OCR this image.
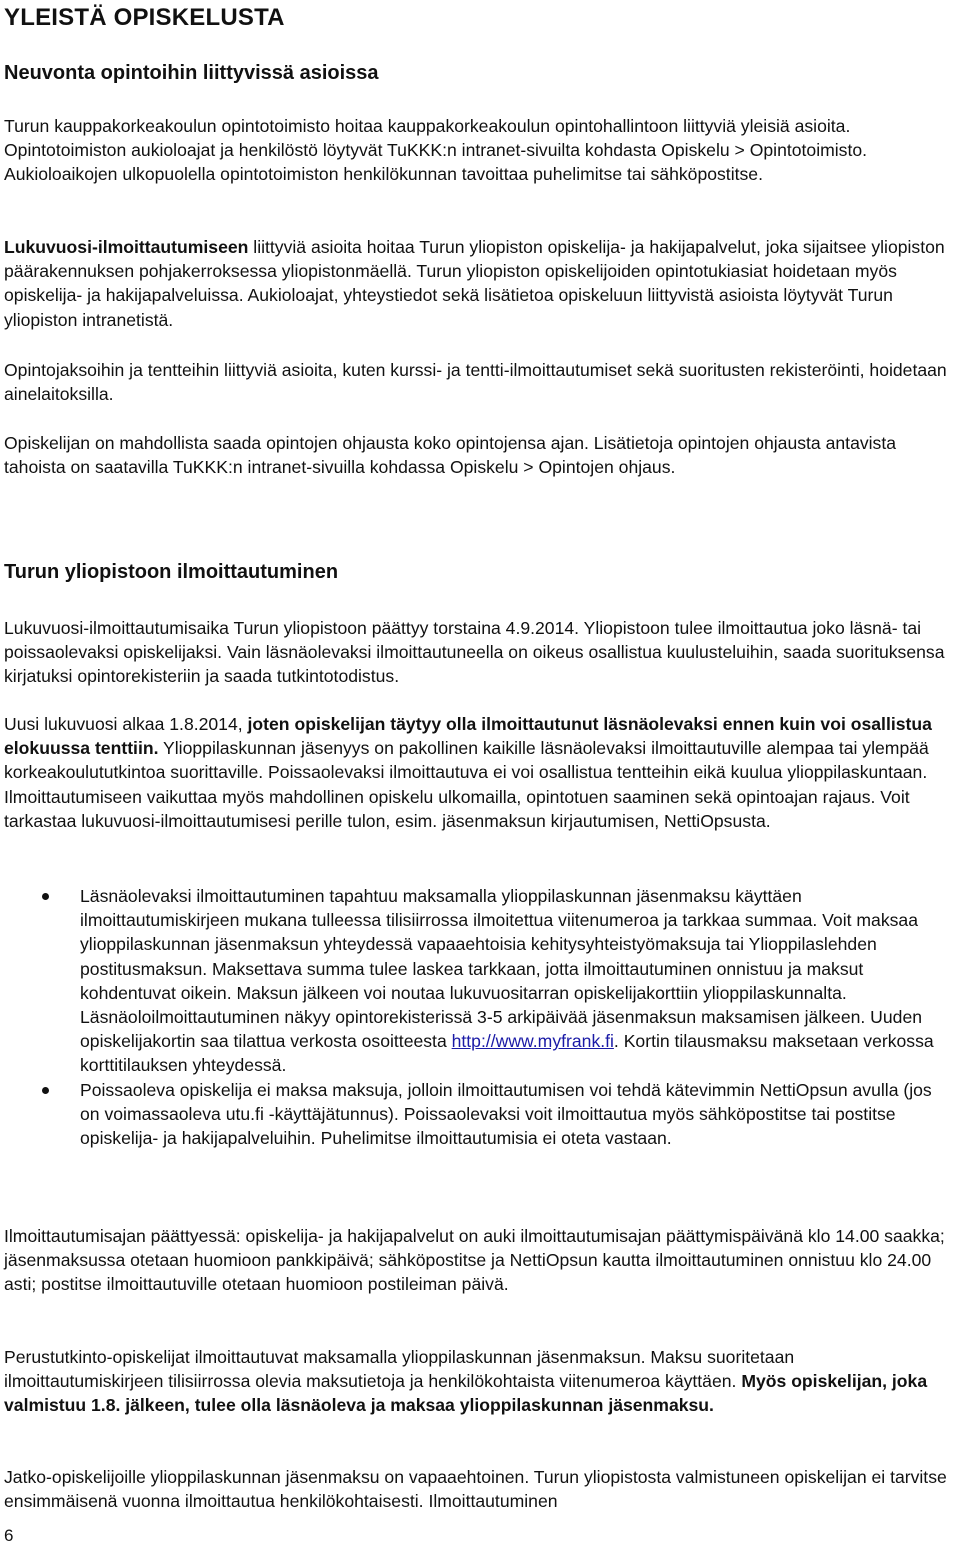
YLEISTÄ OPISKELUSTA
Neuvonta opintoihin liittyvissä asioissa

Turun kauppakorkeakoulun opintotoimisto hoitaa kauppakorkeakoulun opintohallintoon liittyviä yleisiä asioita. Opintotoimiston aukioloajat ja henkilöstö löytyvät TuKKK:n intranet-sivuilta kohdasta Opiskelu > Opintotoimisto. Aukioloaikojen ulkopuolella opintotoimiston henkilökunnan tavoittaa puhelimitse tai sähköpostitse.

Lukuvuosi-ilmoittautumiseen liittyviä asioita hoitaa Turun yliopiston opiskelija- ja hakijapalvelut, joka sijaitsee yliopiston päärakennuksen pohjakerroksessa yliopistonmäellä. Turun yliopiston opiskelijoiden opintotukiasiat hoidetaan myös opiskelija- ja hakijapalveluissa. Aukioloajat, yhteystiedot sekä lisätietoa opiskeluun liittyvistä asioista löytyvät Turun yliopiston intranetistä.

Opintojaksoihin ja tentteihin liittyviä asioita, kuten kurssi- ja tentti-ilmoittautumiset sekä suoritusten rekisteröinti, hoidetaan ainelaitoksilla.

Opiskelijan on mahdollista saada opintojen ohjausta koko opintojensa ajan. Lisätietoja opintojen ohjausta antavista tahoista on saatavilla TuKKK:n intranet-sivuilla kohdassa Opiskelu > Opintojen ohjaus.

Turun yliopistoon ilmoittautuminen

Lukuvuosi-ilmoittautumisaika Turun yliopistoon päättyy torstaina 4.9.2014. Yliopistoon tulee ilmoittautua joko läsnä- tai poissaolevaksi opiskelijaksi. Vain läsnäolevaksi ilmoittautuneella on oikeus osallistua kuulusteluihin, saada suorituksensa kirjatuksi opintorekisteriin ja saada tutkintotodistus.

Uusi lukuvuosi alkaa 1.8.2014, joten opiskelijan täytyy olla ilmoittautunut läsnäolevaksi ennen kuin voi osallistua elokuussa tenttiin. Ylioppilaskunnan jäsenyys on pakollinen kaikille läsnäolevaksi ilmoittautuville alempaa tai ylempää korkeakoulututkintoa suorittaville. Poissaolevaksi ilmoittautuva ei voi osallistua tentteihin eikä kuulua ylioppilaskuntaan. Ilmoittautumiseen vaikuttaa myös mahdollinen opiskelu ulkomailla, opintotuen saaminen sekä opintoajan rajaus. Voit tarkastaa lukuvuosi-ilmoittautumisesi perille tulon, esim. jäsenmaksun kirjautumisen, NettiOpsusta.

Läsnäolevaksi ilmoittautuminen tapahtuu maksamalla ylioppilaskunnan jäsenmaksu käyttäen ilmoittautumiskirjeen mukana tulleessa tilisiirrossa ilmoitettua viitenumeroa ja tarkkaa summaa. Voit maksaa ylioppilaskunnan jäsenmaksun yhteydessä vapaaehtoisia kehitysyhteistyömaksuja tai Ylioppilaslehden postitusmaksun. Maksettava summa tulee laskea tarkkaan, jotta ilmoittautuminen onnistuu ja maksut kohdentuvat oikein. Maksun jälkeen voi noutaa lukuvuositarran opiskelijakorttiin ylioppilaskunnalta. Läsnäoloilmoittautuminen näkyy opintorekisterissä 3-5 arkipäivää jäsenmaksun maksamisen jälkeen. Uuden opiskelijakortin saa tilattua verkosta osoitteesta http://www.myfrank.fi. Kortin tilausmaksu maksetaan verkossa korttitilauksen yhteydessä.
Poissaoleva opiskelija ei maksa maksuja, jolloin ilmoittautumisen voi tehdä kätevimmin NettiOpsun avulla (jos on voimassaoleva utu.fi -käyttäjätunnus). Poissaolevaksi voit ilmoittautua myös sähköpostitse tai postitse opiskelija- ja hakijapalveluihin. Puhelimitse ilmoittautumisia ei oteta vastaan.

Ilmoittautumisajan päättyessä: opiskelija- ja hakijapalvelut on auki ilmoittautumisajan päättymispäivänä klo 14.00 saakka; jäsenmaksussa otetaan huomioon pankkipäivä; sähköpostitse ja NettiOpsun kautta ilmoittautuminen onnistuu klo 24.00 asti; postitse ilmoittautuville otetaan huomioon postileiman päivä.

Perustutkinto-opiskelijat ilmoittautuvat maksamalla ylioppilaskunnan jäsenmaksun. Maksu suoritetaan ilmoittautumiskirjeen tilisiirrossa olevia maksutietoja ja henkilökohtaista viitenumeroa käyttäen. Myös opiskelijan, joka valmistuu 1.8. jälkeen, tulee olla läsnäoleva ja maksaa ylioppilaskunnan jäsenmaksu.

Jatko-opiskelijoille ylioppilaskunnan jäsenmaksu on vapaaehtoinen. Turun yliopistosta valmistuneen opiskelijan ei tarvitse ensimmäisenä vuonna ilmoittautua henkilökohtaisesti. Ilmoittautuminen

6
